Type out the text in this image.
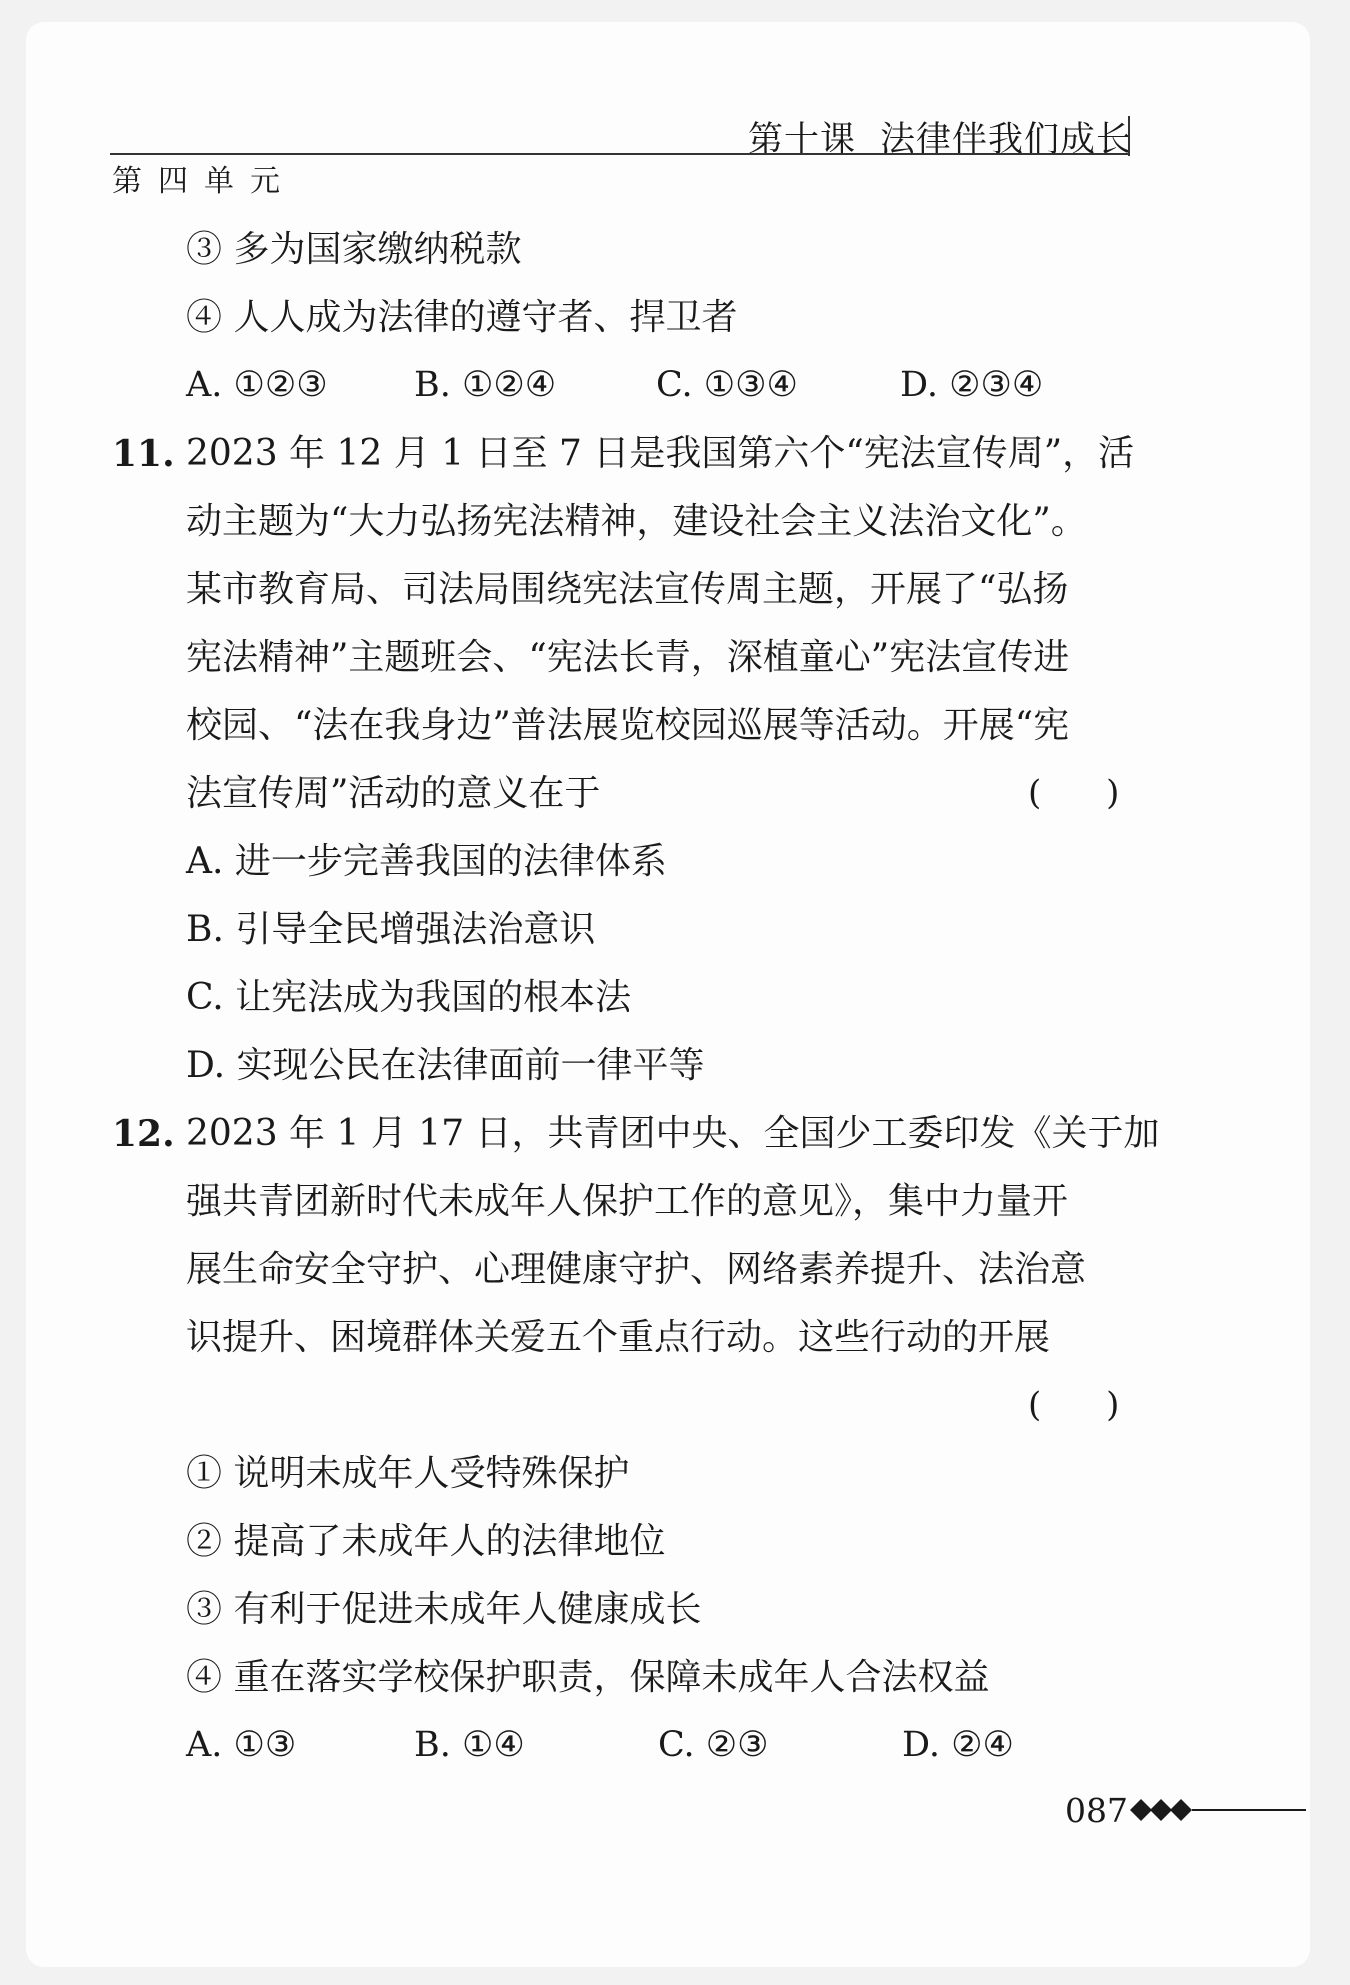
第十课 法律伴我们成长
第四单元
③ 多为国家缴纳税款
④ 人人成为法律的遵守者、捍卫者
A. ①②③ B. ①②④	C. ①③④	D. ②③④
11. 2023 年 12 月 1 日至 7 日是我国第六个“宪法宣传周”，活
动主题为“大力弘扬宪法精神，建设社会主义法治文化”。
某市教育局、司法局围绕宪法宣传周主题，开展了“弘扬
宪法精神”主题班会、“宪法长青，深植童心”宪法宣传进
校园、“法在我身边”普法展览校园巡展等活动。开展“宪
法宣传周”活动的意义在于	(      )
A. 进一步完善我国的法律体系
B. 引导全民增强法治意识
C. 让宪法成为我国的根本法
D. 实现公民在法律面前一律平等
12. 2023 年 1 月 17 日，共青团中央、全国少工委印发《关于加
强共青团新时代未成年人保护工作的意见》，集中力量开
展生命安全守护、心理健康守护、网络素养提升、法治意
识提升、困境群体关爱五个重点行动。这些行动的开展
(      )
① 说明未成年人受特殊保护
② 提高了未成年人的法律地位
③ 有利于促进未成年人健康成长
④ 重在落实学校保护职责，保障未成年人合法权益
A. ①③	B. ①④	C. ②③	D. ②④
087
